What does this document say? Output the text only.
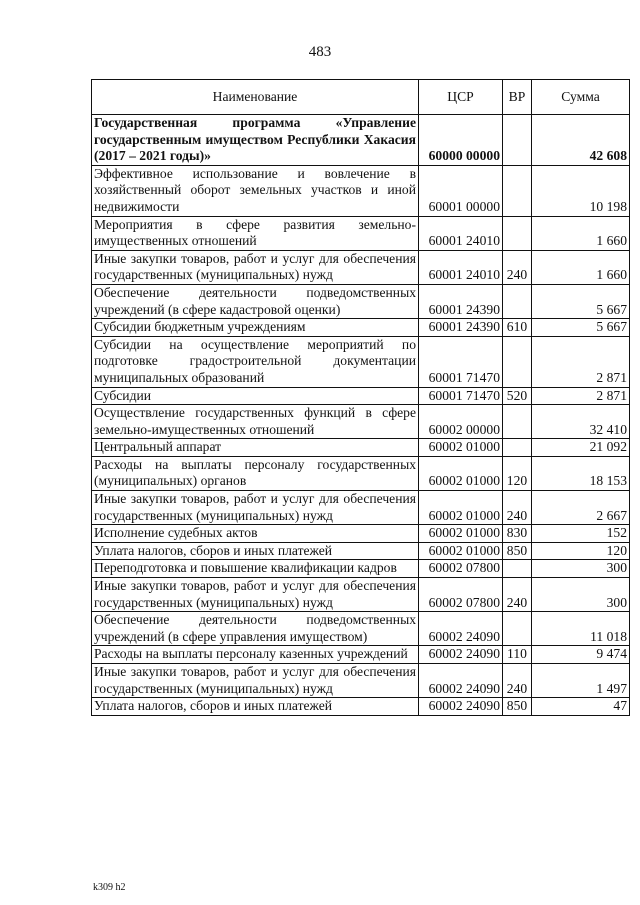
483
Наименование	ЦСР	ВР	Сумма
Государственная программа «Управление государственным имуществом Республики Хакасия (2017 – 2021 годы)»	60000 00000		42 608
Эффективное использование и вовлечение в хозяйственный оборот земельных участков и иной недвижимости	60001 00000		10 198
Мероприятия в сфере развития земельно-имущественных отношений	60001 24010		1 660
Иные закупки товаров, работ и услуг для обеспечения государственных (муниципальных) нужд	60001 24010	240	1 660
Обеспечение деятельности подведомственных учреждений (в сфере кадастровой оценки)	60001 24390		5 667
Субсидии бюджетным учреждениям	60001 24390	610	5 667
Субсидии на осуществление мероприятий по подготовке градостроительной документации муниципальных образований	60001 71470		2 871
Субсидии	60001 71470	520	2 871
Осуществление государственных функций в сфере земельно-имущественных отношений	60002 00000		32 410
Центральный аппарат	60002 01000		21 092
Расходы на выплаты персоналу государственных (муниципальных) органов	60002 01000	120	18 153
Иные закупки товаров, работ и услуг для обеспечения государственных (муниципальных) нужд	60002 01000	240	2 667
Исполнение судебных актов	60002 01000	830	152
Уплата налогов, сборов и иных платежей	60002 01000	850	120
Переподготовка и повышение квалификации кадров	60002 07800		300
Иные закупки товаров, работ и услуг для обеспечения государственных (муниципальных) нужд	60002 07800	240	300
Обеспечение деятельности подведомственных учреждений (в сфере управления имуществом)	60002 24090		11 018
Расходы на выплаты персоналу казенных учреждений	60002 24090	110	9 474
Иные закупки товаров, работ и услуг для обеспечения государственных (муниципальных) нужд	60002 24090	240	1 497
Уплата налогов, сборов и иных платежей	60002 24090	850	47
k309 h2
